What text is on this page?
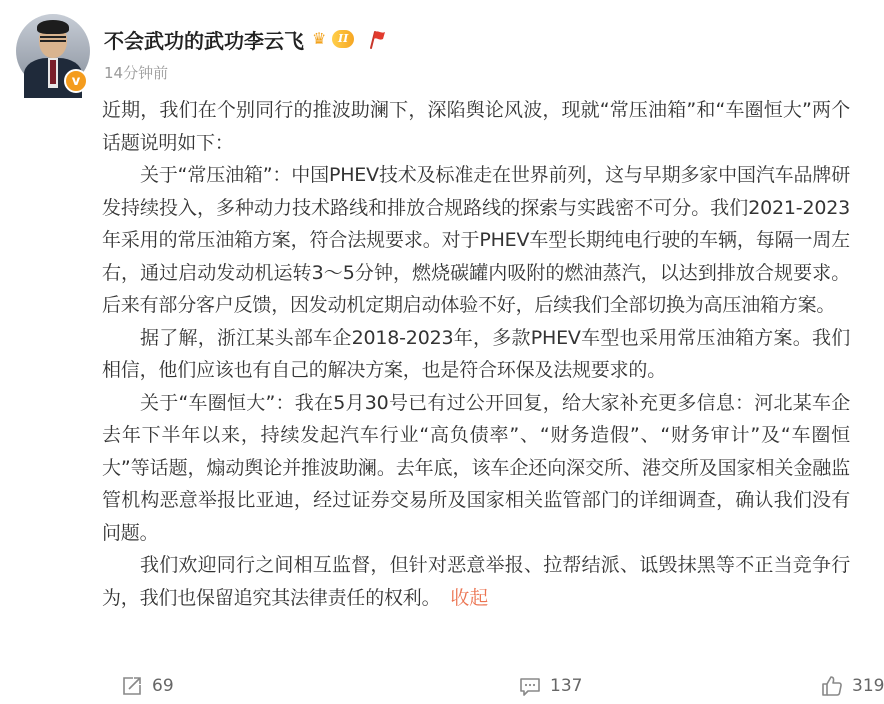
v
不会武功的武功李云飞 ♛	II
14分钟前

近期，我们在个别同行的推波助澜下，深陷舆论风波，现就“常压油箱”和“车圈恒大”两个话题说明如下：

关于“常压油箱”：中国PHEV技术及标准走在世界前列，这与早期多家中国汽车品牌研发持续投入，多种动力技术路线和排放合规路线的探索与实践密不可分。我们2021-2023年采用的常压油箱方案，符合法规要求。对于PHEV车型长期纯电行驶的车辆，每隔一周左右，通过启动发动机运转3～5分钟，燃烧碳罐内吸附的燃油蒸汽，以达到排放合规要求。后来有部分客户反馈，因发动机定期启动体验不好，后续我们全部切换为高压油箱方案。

据了解，浙江某头部车企2018-2023年，多款PHEV车型也采用常压油箱方案。我们相信，他们应该也有自己的解决方案，也是符合环保及法规要求的。

关于“车圈恒大”：我在5月30号已有过公开回复，给大家补充更多信息：河北某车企去年下半年以来，持续发起汽车行业“高负债率”、“财务造假”、“财务审计”及“车圈恒大”等话题，煽动舆论并推波助澜。去年底，该车企还向深交所、港交所及国家相关金融监管机构恶意举报比亚迪，经过证券交易所及国家相关监管部门的详细调查，确认我们没有问题。

我们欢迎同行之间相互监督，但针对恶意举报、拉帮结派、诋毁抹黑等不正当竞争行为，我们也保留追究其法律责任的权利。 收起

69	137	319
